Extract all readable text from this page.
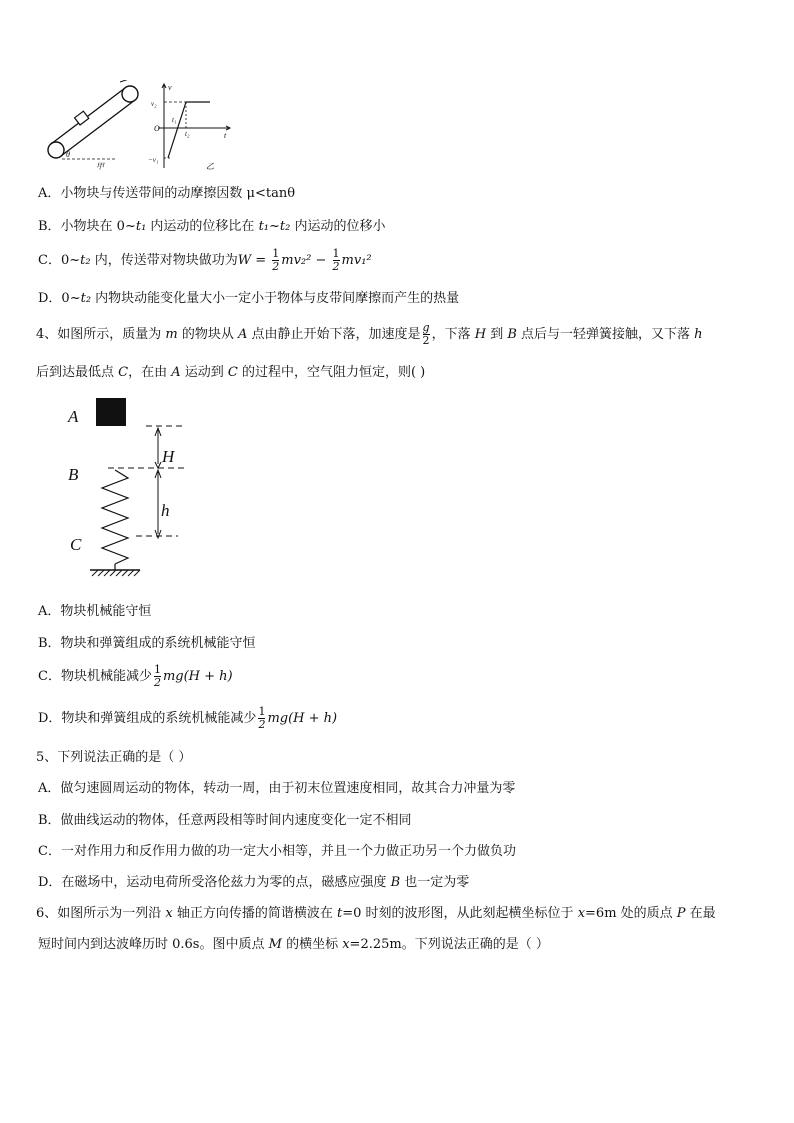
θ
甲
v
v₂
O
t₁
t₂	t
−v₁
乙
A．小物块与传送带间的动摩擦因数 μ<tanθ
B．小物块在 0~t₁ 内运动的位移比在 t₁~t₂ 内运动的位移小
C．0~t₂ 内，传送带对物块做功为$W = \frac{1}{2} mv_2^2 - \frac{1}{2} mv_1^2$
D．0~t₂ 内物块动能变化量大小一定小于物体与皮带间摩擦而产生的热量
4、如图所示，质量为 m 的物块从 A 点由静止开始下落，加速度是 $\frac{g}{2}$ ，下落 H 到 B 点后与一轻弹簧接触，又下落 h
后到达最低点 C，在由 A 运动到 C 的过程中，空气阻力恒定，则( )
A
B
C
H
h
A．物块机械能守恒
B．物块和弹簧组成的系统机械能守恒
C．物块机械能减少 $\frac{1}{2} mg(H + h)$
D．物块和弹簧组成的系统机械能减少 $\frac{1}{2} mg(H + h)$
5、下列说法正确的是（ ）
A．做匀速圆周运动的物体，转动一周，由于初末位置速度相同，故其合力冲量为零
B．做曲线运动的物体，任意两段相等时间内速度变化一定不相同
C．一对作用力和反作用力做的功一定大小相等，并且一个力做正功另一个力做负功
D．在磁场中，运动电荷所受洛伦兹力为零的点，磁感应强度 B 也一定为零
6、如图所示为一列沿 x 轴正方向传播的简谐横波在 t=0 时刻的波形图，从此刻起横坐标位于 x=6m 处的质点 P 在最
短时间内到达波峰历时 0.6s。图中质点 M 的横坐标 x=2.25m。下列说法正确的是（ ）
